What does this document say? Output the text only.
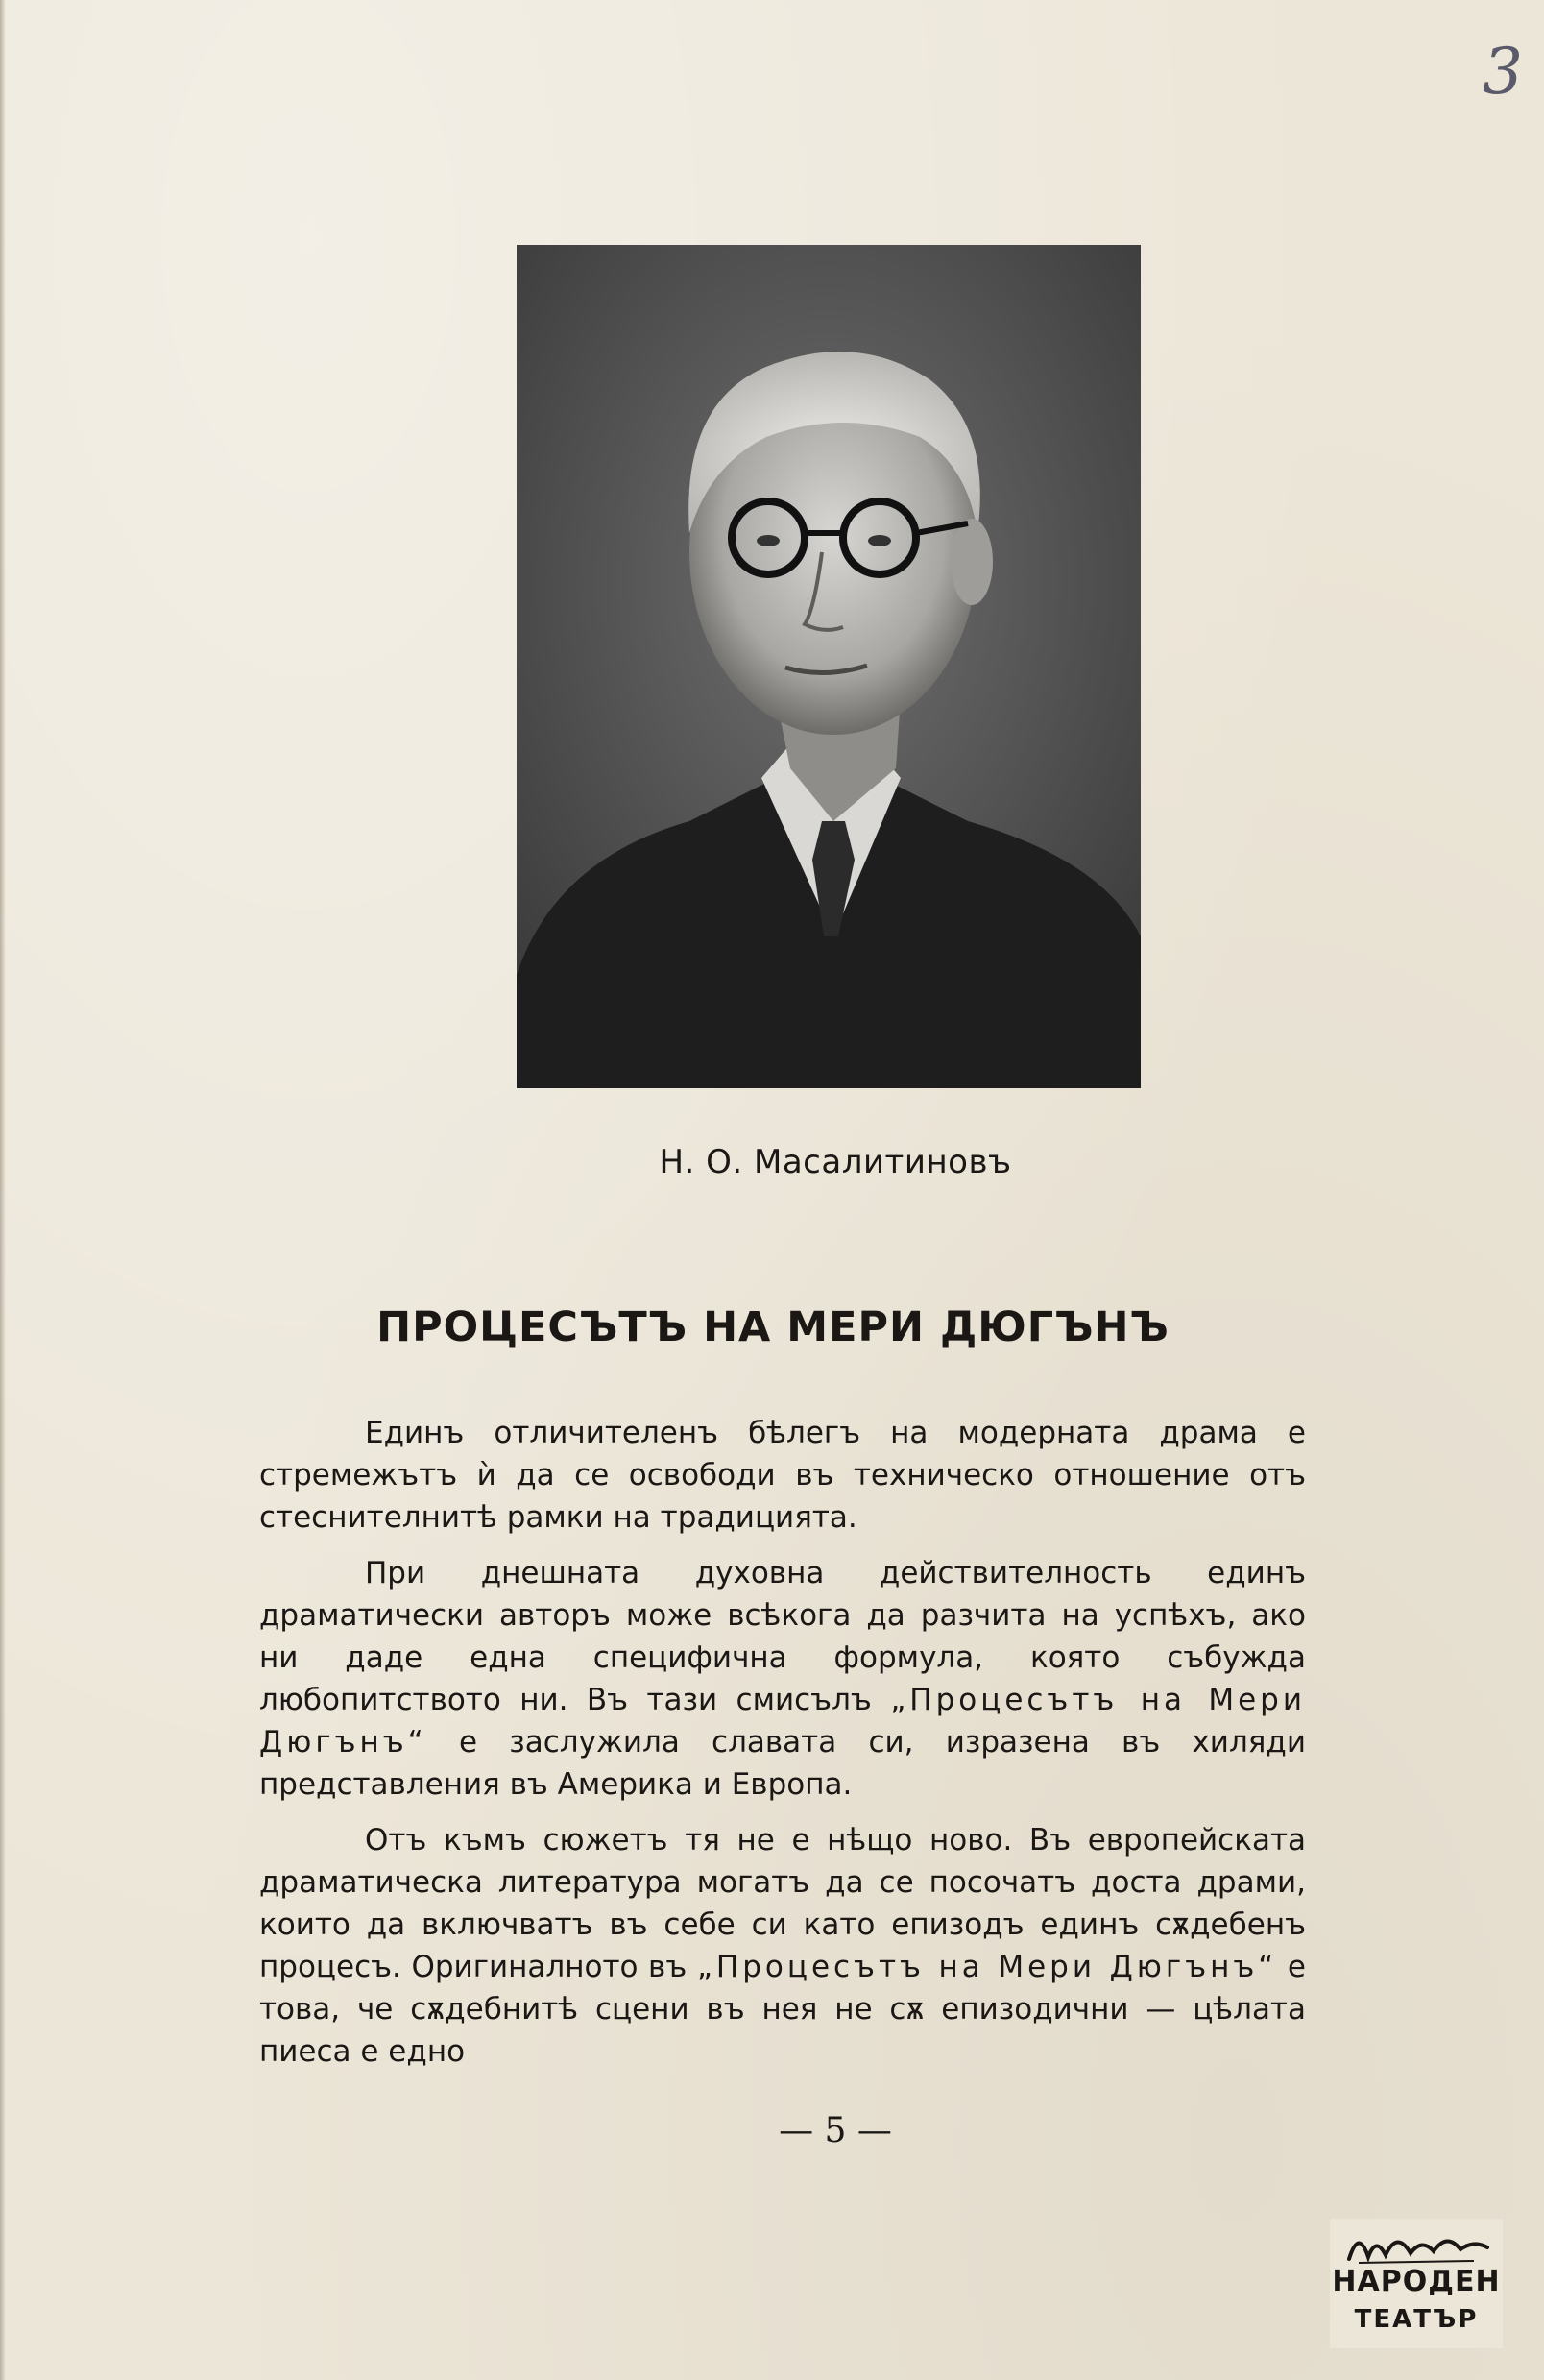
3
Н. О. Масалитиновъ
ПРОЦЕСЪТЪ НА МЕРИ ДЮГЪНЪ

Единъ отличителенъ бѣлегъ на модерната драма е стремежътъ ѝ да се освободи въ техническо отношение отъ стеснителнитѣ рамки на традицията.

При днешната духовна действителность единъ драматически авторъ може всѣкога да разчита на успѣхъ, ако ни даде една специфична формула, която събужда любопитството ни. Въ тази смисълъ „Процесътъ на Мери Дюгънъ“ е заслужила славата си, изразена въ хиляди представления въ Америка и Европа.

Отъ къмъ сюжетъ тя не е нѣщо ново. Въ европейската драматическа литература могатъ да се посочатъ доста драми, които да включватъ въ себе си като епизодъ единъ сѫдебенъ процесъ. Оригиналното въ „Процесътъ на Мери Дюгънъ“ е това, че сѫдебнитѣ сцени въ нея не сѫ епизодични — цѣлата пиеса е едно

— 5 —
НАРОДЕН
ТЕАТЪР
